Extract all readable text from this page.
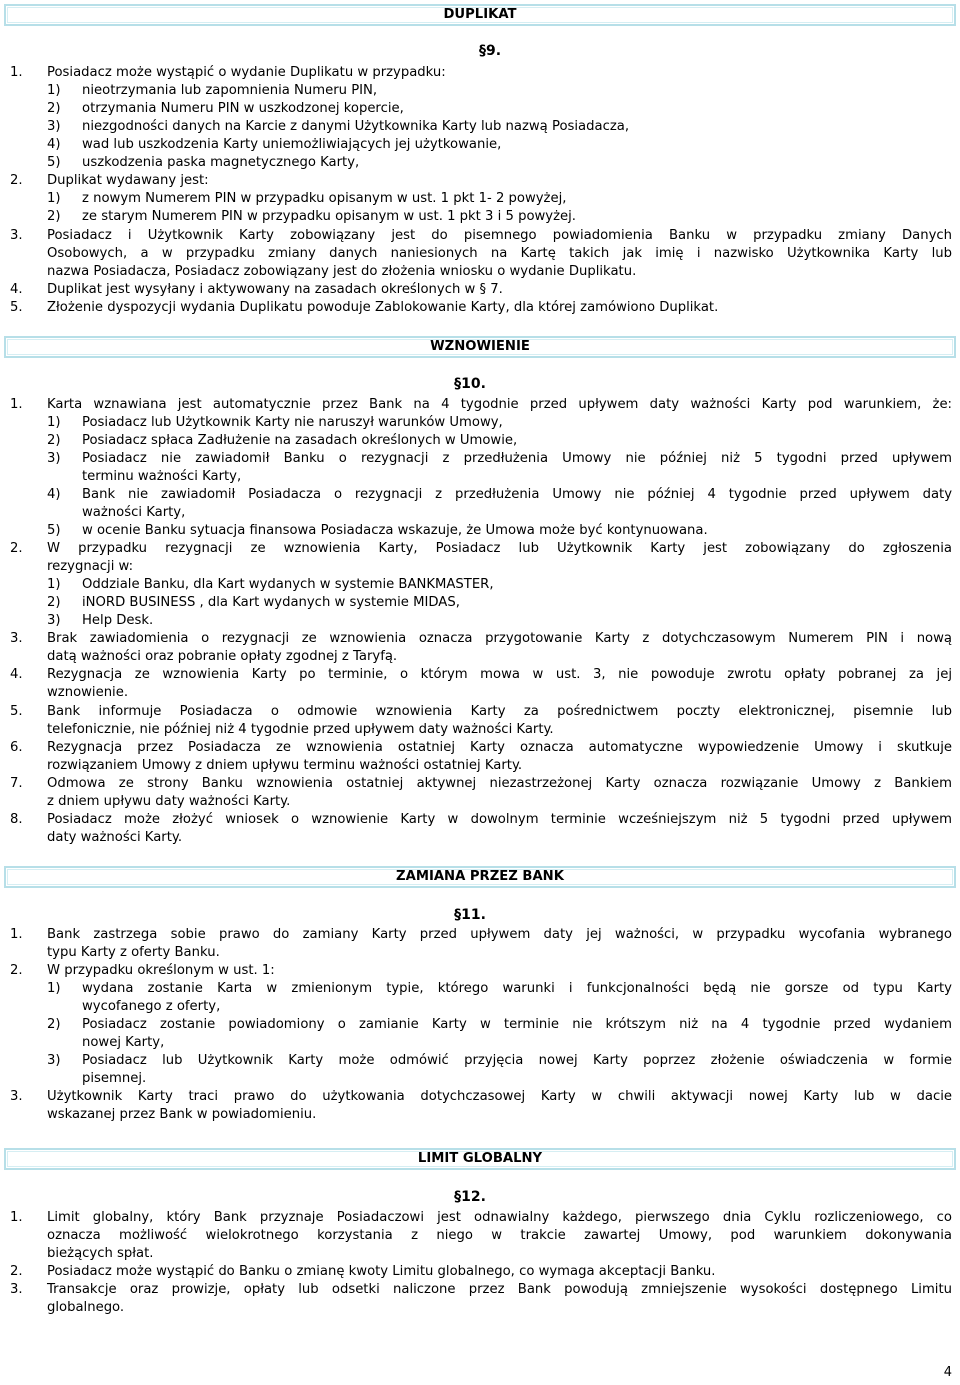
DUPLIKAT
§9.
WZNOWIENIE
§10.
ZAMIANA PRZEZ BANK
§11.
LIMIT GLOBALNY
§12.
1. Posiadacz może wystąpić o wydanie Duplikatu w przypadku:
1) nieotrzymania lub zapomnienia Numeru PIN,
2) otrzymania Numeru PIN w uszkodzonej kopercie,
3) niezgodności danych na Karcie z danymi Użytkownika Karty lub nazwą Posiadacza,
4) wad lub uszkodzenia Karty uniemożliwiających jej użytkowanie,
5) uszkodzenia paska magnetycznego Karty,
2. Duplikat wydawany jest:
1) z nowym Numerem PIN w przypadku opisanym w ust. 1 pkt 1- 2 powyżej,
2) ze starym Numerem PIN w przypadku opisanym w ust. 1 pkt 3 i 5 powyżej.
3. Posiadacz i Użytkownik Karty zobowiązany jest do pisemnego powiadomienia Banku w przypadku zmiany Danych
Osobowych, a w przypadku zmiany danych naniesionych na Kartę takich jak imię i nazwisko Użytkownika Karty lub
nazwa Posiadacza, Posiadacz zobowiązany jest do złożenia wniosku o wydanie Duplikatu.
4. Duplikat jest wysyłany i aktywowany na zasadach określonych w § 7.
5. Złożenie dyspozycji wydania Duplikatu powoduje Zablokowanie Karty, dla której zamówiono Duplikat.
1. Karta wznawiana jest automatycznie przez Bank na 4 tygodnie przed upływem daty ważności Karty pod warunkiem, że:
1) Posiadacz lub Użytkownik Karty nie naruszył warunków Umowy,
2) Posiadacz spłaca Zadłużenie na zasadach określonych w Umowie,
3) Posiadacz nie zawiadomił Banku o rezygnacji z przedłużenia Umowy nie później niż 5 tygodni przed upływem
terminu ważności Karty,
4) Bank nie zawiadomił Posiadacza o rezygnacji z przedłużenia Umowy nie później 4 tygodnie przed upływem daty
ważności Karty,
5) w ocenie Banku sytuacja finansowa Posiadacza wskazuje, że Umowa może być kontynuowana.
2. W przypadku rezygnacji ze wznowienia Karty, Posiadacz lub Użytkownik Karty jest zobowiązany do zgłoszenia
rezygnacji w:
1) Oddziale Banku, dla Kart wydanych w systemie BANKMASTER,
2) iNORD BUSINESS , dla Kart wydanych w systemie MIDAS,
3) Help Desk.
3. Brak zawiadomienia o rezygnacji ze wznowienia oznacza przygotowanie Karty z dotychczasowym Numerem PIN i nową
datą ważności oraz pobranie opłaty zgodnej z Taryfą.
4. Rezygnacja ze wznowienia Karty po terminie, o którym mowa w ust. 3, nie powoduje zwrotu opłaty pobranej za jej
wznowienie.
5. Bank informuje Posiadacza o odmowie wznowienia Karty za pośrednictwem poczty elektronicznej, pisemnie lub
telefonicznie, nie później niż 4 tygodnie przed upływem daty ważności Karty.
6. Rezygnacja przez Posiadacza ze wznowienia ostatniej Karty oznacza automatyczne wypowiedzenie Umowy i skutkuje
rozwiązaniem Umowy z dniem upływu terminu ważności ostatniej Karty.
7. Odmowa ze strony Banku wznowienia ostatniej aktywnej niezastrzeżonej Karty oznacza rozwiązanie Umowy z Bankiem
z dniem upływu daty ważności Karty.
8. Posiadacz może złożyć wniosek o wznowienie Karty w dowolnym terminie wcześniejszym niż 5 tygodni przed upływem
daty ważności Karty.
1. Bank zastrzega sobie prawo do zamiany Karty przed upływem daty jej ważności, w przypadku wycofania wybranego
typu Karty z oferty Banku.
2. W przypadku określonym w ust. 1:
1) wydana zostanie Karta w zmienionym typie, którego warunki i funkcjonalności będą nie gorsze od typu Karty
wycofanego z oferty,
2) Posiadacz zostanie powiadomiony o zamianie Karty w terminie nie krótszym niż na 4 tygodnie przed wydaniem
nowej Karty,
3) Posiadacz lub Użytkownik Karty może odmówić przyjęcia nowej Karty poprzez złożenie oświadczenia w formie
pisemnej.
3. Użytkownik Karty traci prawo do użytkowania dotychczasowej Karty w chwili aktywacji nowej Karty lub w dacie
wskazanej przez Bank w powiadomieniu.
1. Limit globalny, który Bank przyznaje Posiadaczowi jest odnawialny każdego, pierwszego dnia Cyklu rozliczeniowego, co
oznacza możliwość wielokrotnego korzystania z niego w trakcie zawartej Umowy, pod warunkiem dokonywania
bieżących spłat.
2. Posiadacz może wystąpić do Banku o zmianę kwoty Limitu globalnego, co wymaga akceptacji Banku.
3. Transakcje oraz prowizje, opłaty lub odsetki naliczone przez Bank powodują zmniejszenie wysokości dostępnego Limitu
globalnego.
4
